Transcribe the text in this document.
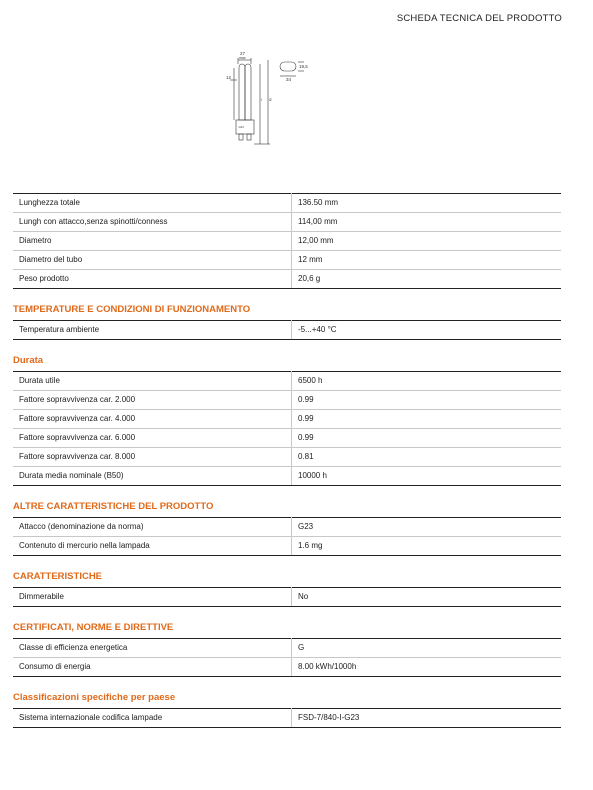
SCHEDA TECNICA DEL PRODOTTO
27
max
12
19,5
34
l l2
G23
Lunghezza totale	136.50 mm
Lungh con attacco,senza spinotti/conness	114,00 mm
Diametro	12,00 mm
Diametro del tubo	12 mm
Peso prodotto	20,6 g
TEMPERATURE E CONDIZIONI DI FUNZIONAMENTO
Temperatura ambiente	-5...+40 °C
Durata
Durata utile	6500 h
Fattore sopravvivenza car. 2.000	0.99
Fattore sopravvivenza car. 4.000	0.99
Fattore sopravvivenza car. 6.000	0.99
Fattore sopravvivenza car. 8.000	0.81
Durata media nominale (B50)	10000 h
ALTRE CARATTERISTICHE DEL PRODOTTO
Attacco (denominazione da norma)	G23
Contenuto di mercurio nella lampada	1.6 mg
CARATTERISTICHE
Dimmerabile	No
CERTIFICATI, NORME E DIRETTIVE
Classe di efficienza energetica	G
Consumo di energia	8.00 kWh/1000h
Classificazioni specifiche per paese
Sistema internazionale codifica lampade	FSD-7/840-I-G23
